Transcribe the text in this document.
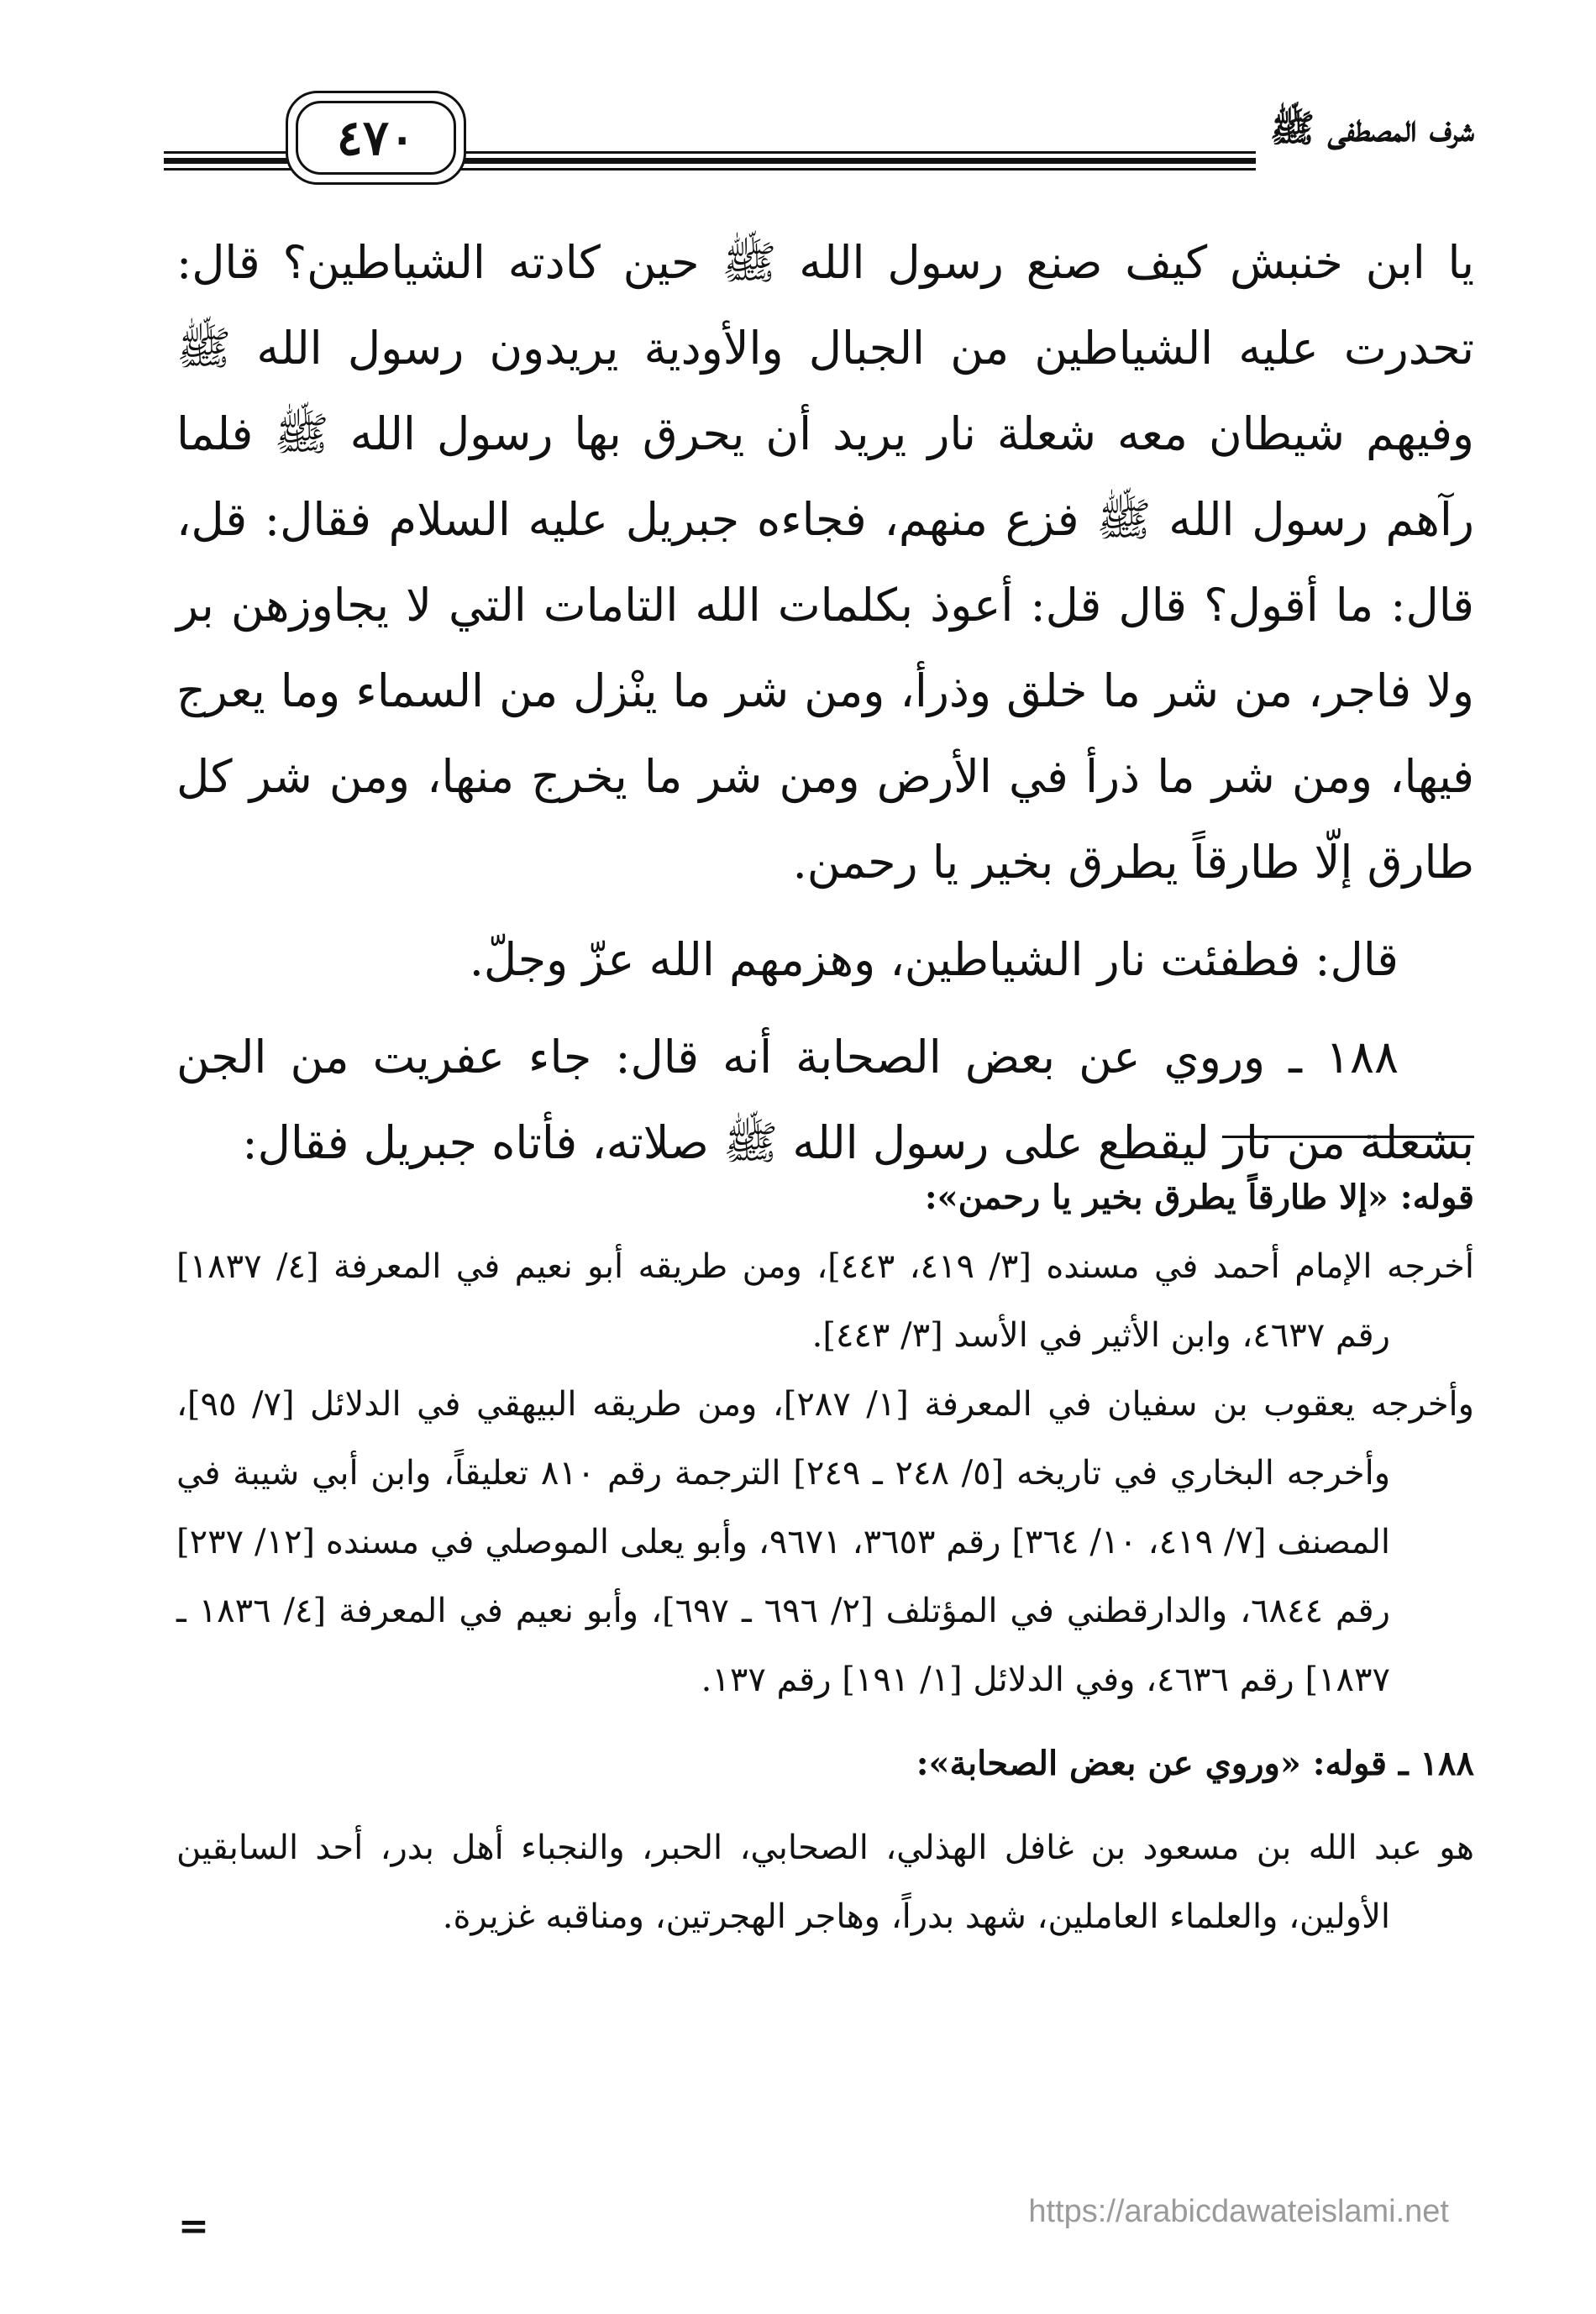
٤٧٠	شرف المصطفى ﷺ

يا ابن خنبش كيف صنع رسول الله ﷺ حين كادته الشياطين؟ قال: تحدرت عليه الشياطين من الجبال والأودية يريدون رسول الله ﷺ وفيهم شيطان معه شعلة نار يريد أن يحرق بها رسول الله ﷺ فلما رآهم رسول الله ﷺ فزع منهم، فجاءه جبريل عليه السلام فقال: قل، قال: ما أقول؟ قال قل: أعوذ بكلمات الله التامات التي لا يجاوزهن بر ولا فاجر، من شر ما خلق وذرأ، ومن شر ما ينْزل من السماء وما يعرج فيها، ومن شر ما ذرأ في الأرض ومن شر ما يخرج منها، ومن شر كل طارق إلّا طارقاً يطرق بخير يا رحمن.

قال: فطفئت نار الشياطين، وهزمهم الله عزّ وجلّ.

١٨٨ ـ وروي عن بعض الصحابة أنه قال: جاء عفريت من الجن بشعلة من نار ليقطع على رسول الله ﷺ صلاته، فأتاه جبريل فقال:

قوله: «إلا طارقاً يطرق بخير يا رحمن»:

أخرجه الإمام أحمد في مسنده [٣/ ٤١٩، ٤٤٣]، ومن طريقه أبو نعيم في المعرفة [٤/ ١٨٣٧] رقم ٤٦٣٧، وابن الأثير في الأسد [٣/ ٤٤٣].

وأخرجه يعقوب بن سفيان في المعرفة [١/ ٢٨٧]، ومن طريقه البيهقي في الدلائل [٧/ ٩٥]، وأخرجه البخاري في تاريخه [٥/ ٢٤٨ ـ ٢٤٩] الترجمة رقم ٨١٠ تعليقاً، وابن أبي شيبة في المصنف [٧/ ٤١٩، ١٠/ ٣٦٤] رقم ٣٦٥٣، ٩٦٧١، وأبو يعلى الموصلي في مسنده [١٢/ ٢٣٧] رقم ٦٨٤٤، والدارقطني في المؤتلف [٢/ ٦٩٦ ـ ٦٩٧]، وأبو نعيم في المعرفة [٤/ ١٨٣٦ ـ ١٨٣٧] رقم ٤٦٣٦، وفي الدلائل [١/ ١٩١] رقم ١٣٧.

١٨٨ ـ قوله: «وروي عن بعض الصحابة»:

هو عبد الله بن مسعود بن غافل الهذلي، الصحابي، الحبر، والنجباء أهل بدر، أحد السابقين الأولين، والعلماء العاملين، شهد بدراً، وهاجر الهجرتين، ومناقبه غزيرة.

=	https://arabicdawateislami.net
